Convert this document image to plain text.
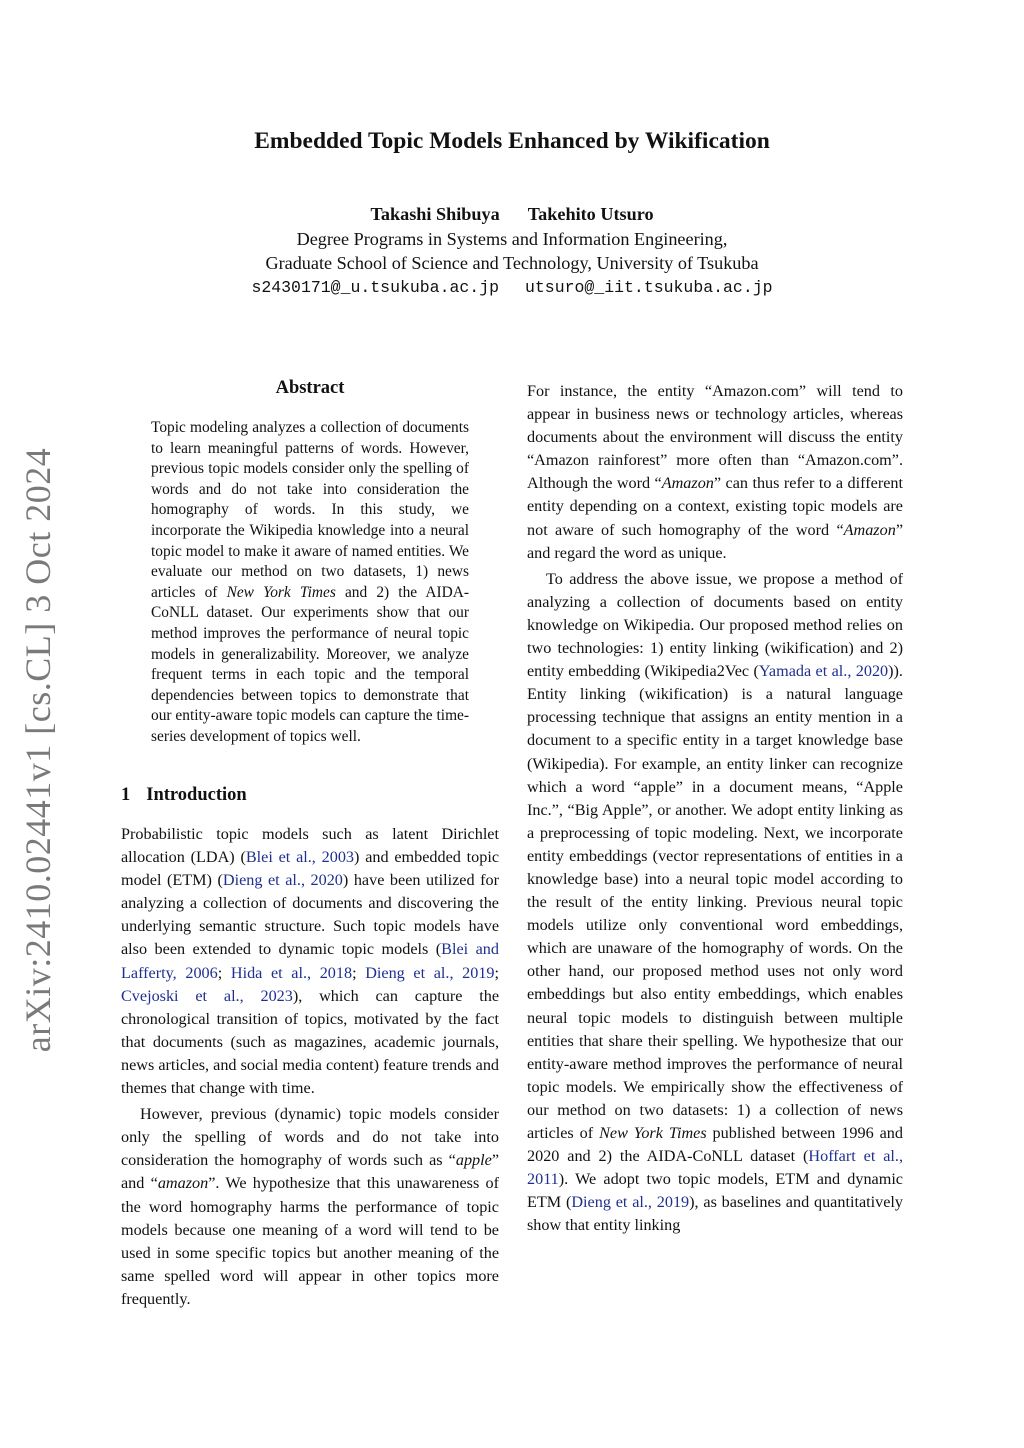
arXiv:2410.02441v1 [cs.CL] 3 Oct 2024
Embedded Topic Models Enhanced by Wikification
Takashi Shibuya Takehito Utsuro
Degree Programs in Systems and Information Engineering,
Graduate School of Science and Technology, University of Tsukuba
s2430171@_u.tsukuba.ac.jp utsuro@_iit.tsukuba.ac.jp
Abstract

Topic modeling analyzes a collection of documents to learn meaningful patterns of words. However, previous topic models consider only the spelling of words and do not take into consideration the homography of words. In this study, we incorporate the Wikipedia knowledge into a neural topic model to make it aware of named entities. We evaluate our method on two datasets, 1) news articles of New York Times and 2) the AIDA-CoNLL dataset. Our experiments show that our method improves the performance of neural topic models in generalizability. Moreover, we analyze frequent terms in each topic and the temporal dependencies between topics to demonstrate that our entity-aware topic models can capture the time-series development of topics well.

1 Introduction

Probabilistic topic models such as latent Dirichlet allocation (LDA) (Blei et al., 2003) and embedded topic model (ETM) (Dieng et al., 2020) have been utilized for analyzing a collection of documents and discovering the underlying semantic structure. Such topic models have also been extended to dynamic topic models (Blei and Lafferty, 2006; Hida et al., 2018; Dieng et al., 2019; Cvejoski et al., 2023), which can capture the chronological transition of topics, motivated by the fact that documents (such as magazines, academic journals, news articles, and social media content) feature trends and themes that change with time.

However, previous (dynamic) topic models consider only the spelling of words and do not take into consideration the homography of words such as “apple” and “amazon”. We hypothesize that this unawareness of the word homography harms the performance of topic models because one meaning of a word will tend to be used in some specific topics but another meaning of the same spelled word will appear in other topics more frequently.

For instance, the entity “Amazon.com” will tend to appear in business news or technology articles, whereas documents about the environment will discuss the entity “Amazon rainforest” more often than “Amazon.com”. Although the word “Amazon” can thus refer to a different entity depending on a context, existing topic models are not aware of such homography of the word “Amazon” and regard the word as unique.

To address the above issue, we propose a method of analyzing a collection of documents based on entity knowledge on Wikipedia. Our proposed method relies on two technologies: 1) entity linking (wikification) and 2) entity embedding (Wikipedia2Vec (Yamada et al., 2020)). Entity linking (wikification) is a natural language processing technique that assigns an entity mention in a document to a specific entity in a target knowledge base (Wikipedia). For example, an entity linker can recognize which a word “apple” in a document means, “Apple Inc.”, “Big Apple”, or another. We adopt entity linking as a preprocessing of topic modeling. Next, we incorporate entity embeddings (vector representations of entities in a knowledge base) into a neural topic model according to the result of the entity linking. Previous neural topic models utilize only conventional word embeddings, which are unaware of the homography of words. On the other hand, our proposed method uses not only word embeddings but also entity embeddings, which enables neural topic models to distinguish between multiple entities that share their spelling. We hypothesize that our entity-aware method improves the performance of neural topic models. We empirically show the effectiveness of our method on two datasets: 1) a collection of news articles of New York Times published between 1996 and 2020 and 2) the AIDA-CoNLL dataset (Hoffart et al., 2011). We adopt two topic models, ETM and dynamic ETM (Dieng et al., 2019), as baselines and quantitatively show that entity linking
